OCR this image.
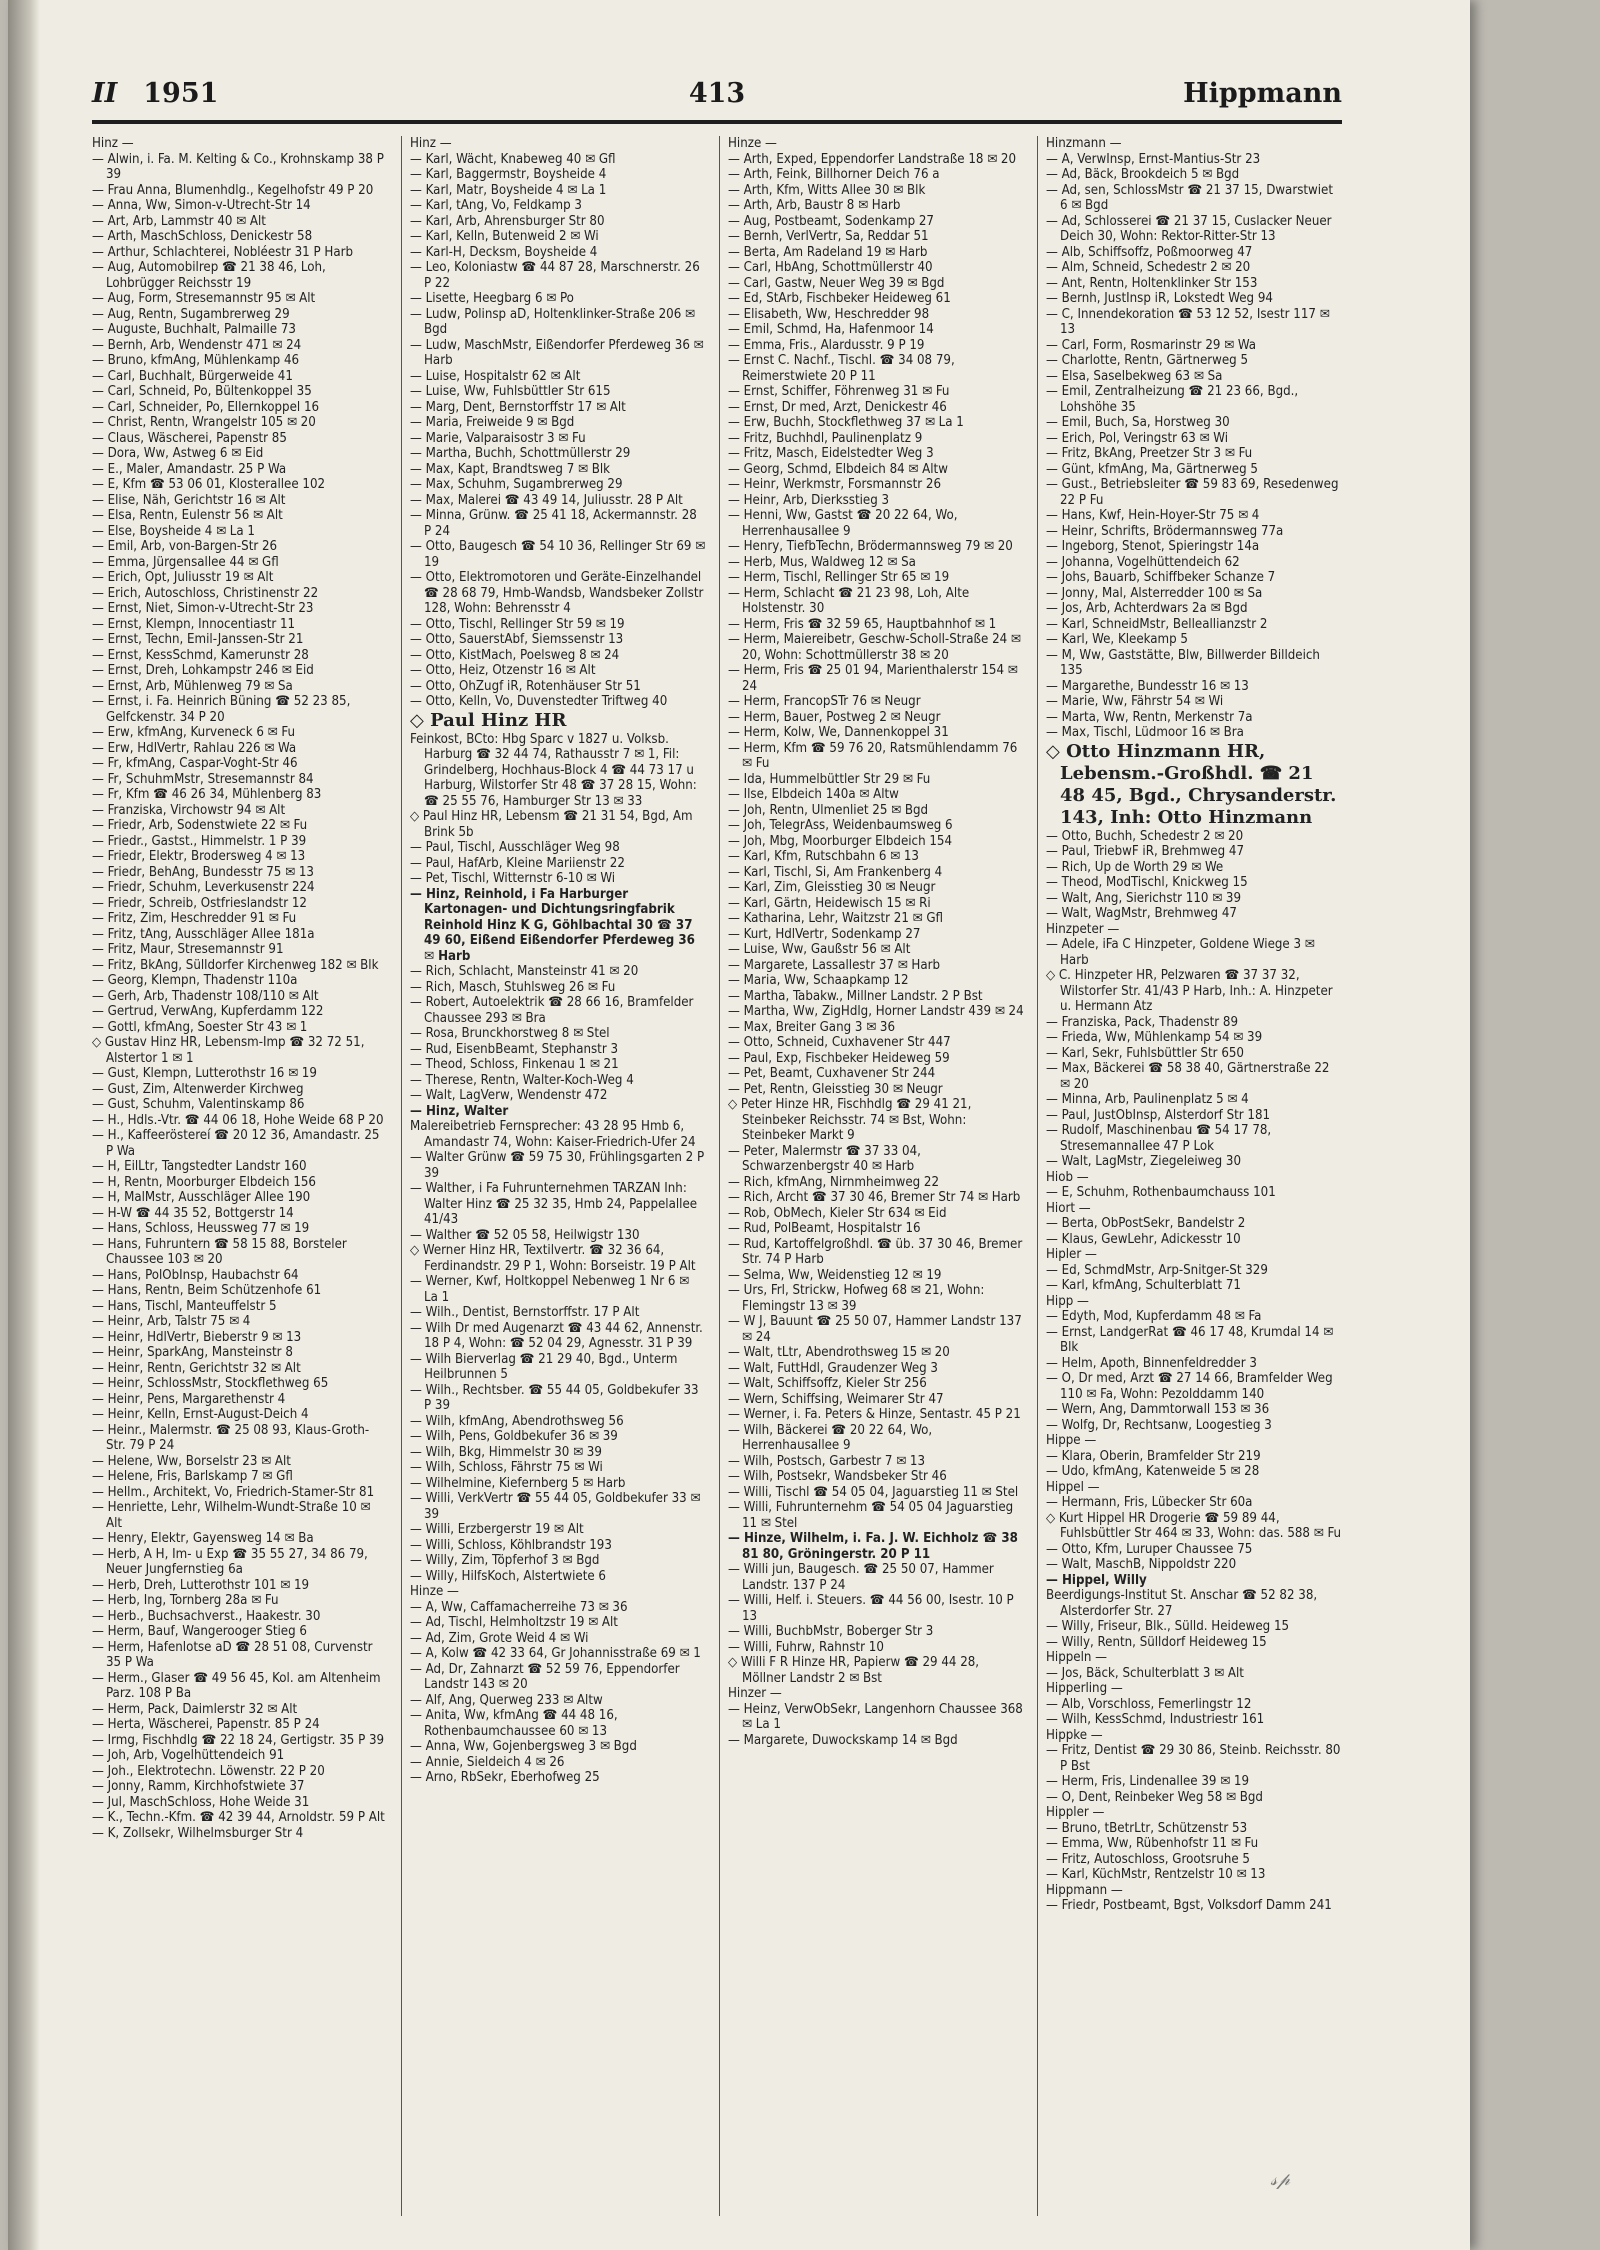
II 1951	413	Hippmann

Hinz —

— Alwin, i. Fa. M. Kelting & Co., Krohnskamp 38 P 39

— Frau Anna, Blumenhdlg., Kegelhofstr 49 P 20

— Anna, Ww, Simon-v-Utrecht-Str 14

— Art, Arb, Lammstr 40 ✉ Alt

— Arth, MaschSchloss, Denickestr 58

— Arthur, Schlachterei, Nobléestr 31 P Harb

— Aug, Automobilrep ☎ 21 38 46, Loh, Lohbrügger Reichsstr 19

— Aug, Form, Stresemannstr 95 ✉ Alt

— Aug, Rentn, Sugambrerweg 29

— Auguste, Buchhalt, Palmaille 73

— Bernh, Arb, Wendenstr 471 ✉ 24

— Bruno, kfmAng, Mühlenkamp 46

— Carl, Buchhalt, Bürgerweide 41

— Carl, Schneid, Po, Bültenkoppel 35

— Carl, Schneider, Po, Ellernkoppel 16

— Christ, Rentn, Wrangelstr 105 ✉ 20

— Claus, Wäscherei, Papenstr 85

— Dora, Ww, Astweg 6 ✉ Eid

— E., Maler, Amandastr. 25 P Wa

— E, Kfm ☎ 53 06 01, Klosterallee 102

— Elise, Näh, Gerichtstr 16 ✉ Alt

— Elsa, Rentn, Eulenstr 56 ✉ Alt

— Else, Boysheide 4 ✉ La 1

— Emil, Arb, von-Bargen-Str 26

— Emma, Jürgensallee 44 ✉ Gfl

— Erich, Opt, Juliusstr 19 ✉ Alt

— Erich, Autoschloss, Christinenstr 22

— Ernst, Niet, Simon-v-Utrecht-Str 23

— Ernst, Klempn, Innocentiastr 11

— Ernst, Techn, Emil-Janssen-Str 21

— Ernst, KessSchmd, Kamerunstr 28

— Ernst, Dreh, Lohkampstr 246 ✉ Eid

— Ernst, Arb, Mühlenweg 79 ✉ Sa

— Ernst, i. Fa. Heinrich Büning ☎ 52 23 85, Gelfckenstr. 34 P 20

— Erw, kfmAng, Kurveneck 6 ✉ Fu

— Erw, HdlVertr, Rahlau 226 ✉ Wa

— Fr, kfmAng, Caspar-Voght-Str 46

— Fr, SchuhmMstr, Stresemannstr 84

— Fr, Kfm ☎ 46 26 34, Mühlenberg 83

— Franziska, Virchowstr 94 ✉ Alt

— Friedr, Arb, Sodenstwiete 22 ✉ Fu

— Friedr., Gastst., Himmelstr. 1 P 39

— Friedr, Elektr, Brodersweg 4 ✉ 13

— Friedr, BehAng, Bundesstr 75 ✉ 13

— Friedr, Schuhm, Leverkusenstr 224

— Friedr, Schreib, Ostfrieslandstr 12

— Fritz, Zim, Heschredder 91 ✉ Fu

— Fritz, tAng, Ausschläger Allee 181a

— Fritz, Maur, Stresemannstr 91

— Fritz, BkAng, Sülldorfer Kirchenweg 182 ✉ Blk

— Georg, Klempn, Thadenstr 110a

— Gerh, Arb, Thadenstr 108/110 ✉ Alt

— Gertrud, VerwAng, Kupferdamm 122

— Gottl, kfmAng, Soester Str 43 ✉ 1

◇ Gustav Hinz HR, Lebensm-Imp ☎ 32 72 51, Alstertor 1 ✉ 1

— Gust, Klempn, Lutterothstr 16 ✉ 19

— Gust, Zim, Altenwerder Kirchweg

— Gust, Schuhm, Valentinskamp 86

— H., Hdls.-Vtr. ☎ 44 06 18, Hohe Weide 68 P 20

— H., Kaffeeröstereí ☎ 20 12 36, Amandastr. 25 P Wa

— H, EilLtr, Tangstedter Landstr 160

— H, Rentn, Moorburger Elbdeich 156

— H, MalMstr, Ausschläger Allee 190

— H-W ☎ 44 35 52, Bottgerstr 14

— Hans, Schloss, Heussweg 77 ✉ 19

— Hans, Fuhruntern ☎ 58 15 88, Borsteler Chaussee 103 ✉ 20

— Hans, PolObInsp, Haubachstr 64

— Hans, Rentn, Beim Schützenhofe 61

— Hans, Tischl, Manteuffelstr 5

— Heinr, Arb, Talstr 75 ✉ 4

— Heinr, HdlVertr, Bieberstr 9 ✉ 13

— Heinr, SparkAng, Mansteinstr 8

— Heinr, Rentn, Gerichtstr 32 ✉ Alt

— Heinr, SchlossMstr, Stockflethweg 65

— Heinr, Pens, Margarethenstr 4

— Heinr, Kelln, Ernst-August-Deich 4

— Heinr., Malermstr. ☎ 25 08 93, Klaus-Groth-Str. 79 P 24

— Helene, Ww, Borselstr 23 ✉ Alt

— Helene, Fris, Barlskamp 7 ✉ Gfl

— Hellm., Architekt, Vo, Friedrich-Stamer-Str 81

— Henriette, Lehr, Wilhelm-Wundt-Straße 10 ✉ Alt

— Henry, Elektr, Gayensweg 14 ✉ Ba

— Herb, A H, Im- u Exp ☎ 35 55 27, 34 86 79, Neuer Jungfernstieg 6a

— Herb, Dreh, Lutterothstr 101 ✉ 19

— Herb, Ing, Tornberg 28a ✉ Fu

— Herb., Buchsachverst., Haakestr. 30

— Herm, Bauf, Wangerooger Stieg 6

— Herm, Hafenlotse aD ☎ 28 51 08, Curvenstr 35 P Wa

— Herm., Glaser ☎ 49 56 45, Kol. am Altenheim Parz. 108 P Ba

— Herm, Pack, Daimlerstr 32 ✉ Alt

— Herta, Wäscherei, Papenstr. 85 P 24

— Irmg, Fischhdlg ☎ 22 18 24, Gertigstr. 35 P 39

— Joh, Arb, Vogelhüttendeich 91

— Joh., Elektrotechn. Löwenstr. 22 P 20

— Jonny, Ramm, Kirchhofstwiete 37

— Jul, MaschSchloss, Hohe Weide 31

— K., Techn.-Kfm. ☎ 42 39 44, Arnoldstr. 59 P Alt

— K, Zollsekr, Wilhelmsburger Str 4

Hinz —

— Karl, Wächt, Knabeweg 40 ✉ Gfl

— Karl, Baggermstr, Boysheide 4

— Karl, Matr, Boysheide 4 ✉ La 1

— Karl, tAng, Vo, Feldkamp 3

— Karl, Arb, Ahrensburger Str 80

— Karl, Kelln, Butenweid 2 ✉ Wi

— Karl-H, Decksm, Boysheide 4

— Leo, Koloniastw ☎ 44 87 28, Marschnerstr. 26 P 22

— Lisette, Heegbarg 6 ✉ Po

— Ludw, Polinsp aD, Holtenklinker-Straße 206 ✉ Bgd

— Ludw, MaschMstr, Eißendorfer Pferdeweg 36 ✉ Harb

— Luise, Hospitalstr 62 ✉ Alt

— Luise, Ww, Fuhlsbüttler Str 615

— Marg, Dent, Bernstorffstr 17 ✉ Alt

— Maria, Freiweide 9 ✉ Bgd

— Marie, Valparaisostr 3 ✉ Fu

— Martha, Buchh, Schottmüllerstr 29

— Max, Kapt, Brandtsweg 7 ✉ Blk

— Max, Schuhm, Sugambrerweg 29

— Max, Malerei ☎ 43 49 14, Juliusstr. 28 P Alt

— Minna, Grünw. ☎ 25 41 18, Ackermannstr. 28 P 24

— Otto, Baugesch ☎ 54 10 36, Rellinger Str 69 ✉ 19

— Otto, Elektromotoren und Geräte-Einzelhandel ☎ 28 68 79, Hmb-Wandsb, Wandsbeker Zollstr 128, Wohn: Behrensstr 4

— Otto, Tischl, Rellinger Str 59 ✉ 19

— Otto, SauerstAbf, Siemssenstr 13

— Otto, KistMach, Poelsweg 8 ✉ 24

— Otto, Heiz, Otzenstr 16 ✉ Alt

— Otto, OhZugf iR, Rotenhäuser Str 51

— Otto, Kelln, Vo, Duvenstedter Triftweg 40

◇ Paul Hinz HR

Feinkost, BCto: Hbg Sparc v 1827 u. Volksb. Harburg ☎ 32 44 74, Rathausstr 7 ✉ 1, Fil: Grindelberg, Hochhaus-Block 4 ☎ 44 73 17 u Harburg, Wilstorfer Str 48 ☎ 37 28 15, Wohn: ☎ 25 55 76, Hamburger Str 13 ✉ 33

◇ Paul Hinz HR, Lebensm ☎ 21 31 54, Bgd, Am Brink 5b

— Paul, Tischl, Ausschläger Weg 98

— Paul, HafArb, Kleine Mariienstr 22

— Pet, Tischl, Witternstr 6-10 ✉ Wi

— Hinz, Reinhold, i Fa Harburger Kartonagen- und Dichtungsringfabrik Reinhold Hinz K G, Göhlbachtal 30 ☎ 37 49 60, Eißend Eißendorfer Pferdeweg 36 ✉ Harb

— Rich, Schlacht, Mansteinstr 41 ✉ 20

— Rich, Masch, Stuhlsweg 26 ✉ Fu

— Robert, Autoelektrik ☎ 28 66 16, Bramfelder Chaussee 293 ✉ Bra

— Rosa, Brunckhorstweg 8 ✉ Stel

— Rud, EisenbBeamt, Stephanstr 3

— Theod, Schloss, Finkenau 1 ✉ 21

— Therese, Rentn, Walter-Koch-Weg 4

— Walt, LagVerw, Wendenstr 472

— Hinz, Walter

Malereibetrieb Fernsprecher: 43 28 95 Hmb 6, Amandastr 74, Wohn: Kaiser-Friedrich-Ufer 24

— Walter Grünw ☎ 59 75 30, Frühlingsgarten 2 P 39

— Walther, i Fa Fuhrunternehmen TARZAN Inh: Walter Hinz ☎ 25 32 35, Hmb 24, Pappelallee 41/43

— Walther ☎ 52 05 58, Heilwigstr 130

◇ Werner Hinz HR, Textilvertr. ☎ 32 36 64, Ferdinandstr. 29 P 1, Wohn: Borseistr. 19 P Alt

— Werner, Kwf, Holtkoppel Nebenweg 1 Nr 6 ✉ La 1

— Wilh., Dentist, Bernstorffstr. 17 P Alt

— Wilh Dr med Augenarzt ☎ 43 44 62, Annenstr. 18 P 4, Wohn: ☎ 52 04 29, Agnesstr. 31 P 39

— Wilh Bierverlag ☎ 21 29 40, Bgd., Unterm Heilbrunnen 5

— Wilh., Rechtsber. ☎ 55 44 05, Goldbekufer 33 P 39

— Wilh, kfmAng, Abendrothsweg 56

— Wilh, Pens, Goldbekufer 36 ✉ 39

— Wilh, Bkg, Himmelstr 30 ✉ 39

— Wilh, Schloss, Fährstr 75 ✉ Wi

— Wilhelmine, Kiefernberg 5 ✉ Harb

— Willi, VerkVertr ☎ 55 44 05, Goldbekufer 33 ✉ 39

— Willi, Erzbergerstr 19 ✉ Alt

— Willi, Schloss, Köhlbrandstr 193

— Willy, Zim, Töpferhof 3 ✉ Bgd

— Willy, HilfsKoch, Alstertwiete 6

Hinze —

— A, Ww, Caffamacherreihe 73 ✉ 36

— Ad, Tischl, Helmholtzstr 19 ✉ Alt

— Ad, Zim, Grote Weid 4 ✉ Wi

— A, Kolw ☎ 42 33 64, Gr Johannisstraße 69 ✉ 1

— Ad, Dr, Zahnarzt ☎ 52 59 76, Eppendorfer Landstr 143 ✉ 20

— Alf, Ang, Querweg 233 ✉ Altw

— Anita, Ww, kfmAng ☎ 44 48 16, Rothenbaumchaussee 60 ✉ 13

— Anna, Ww, Gojenbergsweg 3 ✉ Bgd

— Annie, Sieldeich 4 ✉ 26

— Arno, RbSekr, Eberhofweg 25

Hinze —

— Arth, Exped, Eppendorfer Landstraße 18 ✉ 20

— Arth, Feink, Billhorner Deich 76 a

— Arth, Kfm, Witts Allee 30 ✉ Blk

— Arth, Arb, Baustr 8 ✉ Harb

— Aug, Postbeamt, Sodenkamp 27

— Bernh, VerlVertr, Sa, Reddar 51

— Berta, Am Radeland 19 ✉ Harb

— Carl, HbAng, Schottmüllerstr 40

— Carl, Gastw, Neuer Weg 39 ✉ Bgd

— Ed, StArb, Fischbeker Heideweg 61

— Elisabeth, Ww, Heschredder 98

— Emil, Schmd, Ha, Hafenmoor 14

— Emma, Fris., Alardusstr. 9 P 19

— Ernst C. Nachf., Tischl. ☎ 34 08 79, Reimerstwiete 20 P 11

— Ernst, Schiffer, Föhrenweg 31 ✉ Fu

— Ernst, Dr med, Arzt, Denickestr 46

— Erw, Buchh, Stockflethweg 37 ✉ La 1

— Fritz, Buchhdl, Paulinenplatz 9

— Fritz, Masch, Eidelstedter Weg 3

— Georg, Schmd, Elbdeich 84 ✉ Altw

— Heinr, Werkmstr, Forsmannstr 26

— Heinr, Arb, Dierksstieg 3

— Henni, Ww, Gastst ☎ 20 22 64, Wo, Herrenhausallee 9

— Henry, TiefbTechn, Brödermannsweg 79 ✉ 20

— Herb, Mus, Waldweg 12 ✉ Sa

— Herm, Tischl, Rellinger Str 65 ✉ 19

— Herm, Schlacht ☎ 21 23 98, Loh, Alte Holstenstr. 30

— Herm, Fris ☎ 32 59 65, Hauptbahnhof ✉ 1

— Herm, Maiereibetr, Geschw-Scholl-Straße 24 ✉ 20, Wohn: Schottmüllerstr 38 ✉ 20

— Herm, Fris ☎ 25 01 94, Marienthalerstr 154 ✉ 24

— Herm, FrancopSTr 76 ✉ Neugr

— Herm, Bauer, Postweg 2 ✉ Neugr

— Herm, Kolw, We, Dannenkoppel 31

— Herm, Kfm ☎ 59 76 20, Ratsmühlendamm 76 ✉ Fu

— Ida, Hummelbüttler Str 29 ✉ Fu

— Ilse, Elbdeich 140a ✉ Altw

— Joh, Rentn, Ulmenliet 25 ✉ Bgd

— Joh, TelegrAss, Weidenbaumsweg 6

— Joh, Mbg, Moorburger Elbdeich 154

— Karl, Kfm, Rutschbahn 6 ✉ 13

— Karl, Tischl, Si, Am Frankenberg 4

— Karl, Zim, Gleisstieg 30 ✉ Neugr

— Karl, Gärtn, Heidewisch 15 ✉ Ri

— Katharina, Lehr, Waitzstr 21 ✉ Gfl

— Kurt, HdlVertr, Sodenkamp 27

— Luise, Ww, Gaußstr 56 ✉ Alt

— Margarete, Lassallestr 37 ✉ Harb

— Maria, Ww, Schaapkamp 12

— Martha, Tabakw., Millner Landstr. 2 P Bst

— Martha, Ww, ZigHdlg, Horner Landstr 439 ✉ 24

— Max, Breiter Gang 3 ✉ 36

— Otto, Schneid, Cuxhavener Str 447

— Paul, Exp, Fischbeker Heideweg 59

— Pet, Beamt, Cuxhavener Str 244

— Pet, Rentn, Gleisstieg 30 ✉ Neugr

◇ Peter Hinze HR, Fischhdlg ☎ 29 41 21, Steinbeker Reichsstr. 74 ✉ Bst, Wohn: Steinbeker Markt 9

— Peter, Malermstr ☎ 37 33 04, Schwarzenbergstr 40 ✉ Harb

— Rich, kfmAng, Nirnmheimweg 22

— Rich, Archt ☎ 37 30 46, Bremer Str 74 ✉ Harb

— Rob, ObMech, Kieler Str 634 ✉ Eid

— Rud, PolBeamt, Hospitalstr 16

— Rud, Kartoffelgroßhdl. ☎ üb. 37 30 46, Bremer Str. 74 P Harb

— Selma, Ww, Weidenstieg 12 ✉ 19

— Urs, Frl, Strickw, Hofweg 68 ✉ 21, Wohn: Flemingstr 13 ✉ 39

— W J, Bauunt ☎ 25 50 07, Hammer Landstr 137 ✉ 24

— Walt, tLtr, Abendrothsweg 15 ✉ 20

— Walt, FuttHdl, Graudenzer Weg 3

— Walt, Schiffsoffz, Kieler Str 256

— Wern, Schiffsing, Weimarer Str 47

— Werner, i. Fa. Peters & Hinze, Sentastr. 45 P 21

— Wilh, Bäckerei ☎ 20 22 64, Wo, Herrenhausallee 9

— Wilh, Postsch, Garbestr 7 ✉ 13

— Wilh, Postsekr, Wandsbeker Str 46

— Willi, Tischl ☎ 54 05 04, Jaguarstieg 11 ✉ Stel

— Willi, Fuhrunternehm ☎ 54 05 04 Jaguarstieg 11 ✉ Stel

— Hinze, Wilhelm, i. Fa. J. W. Eichholz ☎ 38 81 80, Gröningerstr. 20 P 11

— Willi jun, Baugesch. ☎ 25 50 07, Hammer Landstr. 137 P 24

— Willi, Helf. i. Steuers. ☎ 44 56 00, Isestr. 10 P 13

— Willi, BuchbMstr, Boberger Str 3

— Willi, Fuhrw, Rahnstr 10

◇ Willi F R Hinze HR, Papierw ☎ 29 44 28, Möllner Landstr 2 ✉ Bst

Hinzer —

— Heinz, VerwObSekr, Langenhorn Chaussee 368 ✉ La 1

— Margarete, Duwockskamp 14 ✉ Bgd

Hinzmann —

— A, VerwInsp, Ernst-Mantius-Str 23

— Ad, Bäck, Brookdeich 5 ✉ Bgd

— Ad, sen, SchlossMstr ☎ 21 37 15, Dwarstwiet 6 ✉ Bgd

— Ad, Schlosserei ☎ 21 37 15, Cuslacker Neuer Deich 30, Wohn: Rektor-Ritter-Str 13

— Alb, Schiffsoffz, Poßmoorweg 47

— Alm, Schneid, Schedestr 2 ✉ 20

— Ant, Rentn, Holtenklinker Str 153

— Bernh, JustInsp iR, Lokstedt Weg 94

— C, Innendekoration ☎ 53 12 52, Isestr 117 ✉ 13

— Carl, Form, Rosmarinstr 29 ✉ Wa

— Charlotte, Rentn, Gärtnerweg 5

— Elsa, Saselbekweg 63 ✉ Sa

— Emil, Zentralheizung ☎ 21 23 66, Bgd., Lohshöhe 35

— Emil, Buch, Sa, Horstweg 30

— Erich, Pol, Veringstr 63 ✉ Wi

— Fritz, BkAng, Preetzer Str 3 ✉ Fu

— Günt, kfmAng, Ma, Gärtnerweg 5

— Gust., Betriebsleiter ☎ 59 83 69, Resedenweg 22 P Fu

— Hans, Kwf, Hein-Hoyer-Str 75 ✉ 4

— Heinr, Schrifts, Brödermannsweg 77a

— Ingeborg, Stenot, Spieringstr 14a

— Johanna, Vogelhüttendeich 62

— Johs, Bauarb, Schiffbeker Schanze 7

— Jonny, Mal, Alsterredder 100 ✉ Sa

— Jos, Arb, Achterdwars 2a ✉ Bgd

— Karl, SchneidMstr, Belleallianzstr 2

— Karl, We, Kleekamp 5

— M, Ww, Gaststätte, Blw, Billwerder Billdeich 135

— Margarethe, Bundesstr 16 ✉ 13

— Marie, Ww, Fährstr 54 ✉ Wi

— Marta, Ww, Rentn, Merkenstr 7a

— Max, Tischl, Lüdmoor 16 ✉ Bra

◇ Otto Hinzmann HR, Lebensm.-Großhdl. ☎ 21 48 45, Bgd., Chrysanderstr. 143, Inh: Otto Hinzmann

— Otto, Buchh, Schedestr 2 ✉ 20

— Paul, TriebwF iR, Brehmweg 47

— Rich, Up de Worth 29 ✉ We

— Theod, ModTischl, Knickweg 15

— Walt, Ang, Sierichstr 110 ✉ 39

— Walt, WagMstr, Brehmweg 47

Hinzpeter —

— Adele, iFa C Hinzpeter, Goldene Wiege 3 ✉ Harb

◇ C. Hinzpeter HR, Pelzwaren ☎ 37 37 32, Wilstorfer Str. 41/43 P Harb, Inh.: A. Hinzpeter u. Hermann Atz

— Franziska, Pack, Thadenstr 89

— Frieda, Ww, Mühlenkamp 54 ✉ 39

— Karl, Sekr, Fuhlsbüttler Str 650

— Max, Bäckerei ☎ 58 38 40, Gärtnerstraße 22 ✉ 20

— Minna, Arb, Paulinenplatz 5 ✉ 4

— Paul, JustObInsp, Alsterdorf Str 181

— Rudolf, Maschinenbau ☎ 54 17 78, Stresemannallee 47 P Lok

— Walt, LagMstr, Ziegeleiweg 30

Hiob —

— E, Schuhm, Rothenbaumchauss 101

Hiort —

— Berta, ObPostSekr, Bandelstr 2

— Klaus, GewLehr, Adickesstr 10

Hipler —

— Ed, SchmdMstr, Arp-Snitger-St 329

— Karl, kfmAng, Schulterblatt 71

Hipp —

— Edyth, Mod, Kupferdamm 48 ✉ Fa

— Ernst, LandgerRat ☎ 46 17 48, Krumdal 14 ✉ Blk

— Helm, Apoth, Binnenfeldredder 3

— O, Dr med, Arzt ☎ 27 14 66, Bramfelder Weg 110 ✉ Fa, Wohn: Pezolddamm 140

— Wern, Ang, Dammtorwall 153 ✉ 36

— Wolfg, Dr, Rechtsanw, Loogestieg 3

Hippe —

— Klara, Oberin, Bramfelder Str 219

— Udo, kfmAng, Katenweide 5 ✉ 28

Hippel —

— Hermann, Fris, Lübecker Str 60a

◇ Kurt Hippel HR Drogerie ☎ 59 89 44, Fuhlsbüttler Str 464 ✉ 33, Wohn: das. 588 ✉ Fu

— Otto, Kfm, Luruper Chaussee 75

— Walt, MaschB, Nippoldstr 220

— Hippel, Willy

Beerdigungs-Institut St. Anschar ☎ 52 82 38, Alsterdorfer Str. 27

— Willy, Friseur, Blk., Sülld. Heideweg 15

— Willy, Rentn, Sülldorf Heideweg 15

Hippeln —

— Jos, Bäck, Schulterblatt 3 ✉ Alt

Hipperling —

— Alb, Vorschloss, Femerlingstr 12

— Wilh, KessSchmd, Industriestr 161

Hippke —

— Fritz, Dentist ☎ 29 30 86, Steinb. Reichsstr. 80 P Bst

— Herm, Fris, Lindenallee 39 ✉ 19

— O, Dent, Reinbeker Weg 58 ✉ Bgd

Hippler —

— Bruno, tBetrLtr, Schützenstr 53

— Emma, Ww, Rübenhofstr 11 ✉ Fu

— Fritz, Autoschloss, Grootsruhe 5

— Karl, KüchMstr, Rentzelstr 10 ✉ 13

Hippmann —

— Friedr, Postbeamt, Bgst, Volksdorf Damm 241

𝓈𝓅
